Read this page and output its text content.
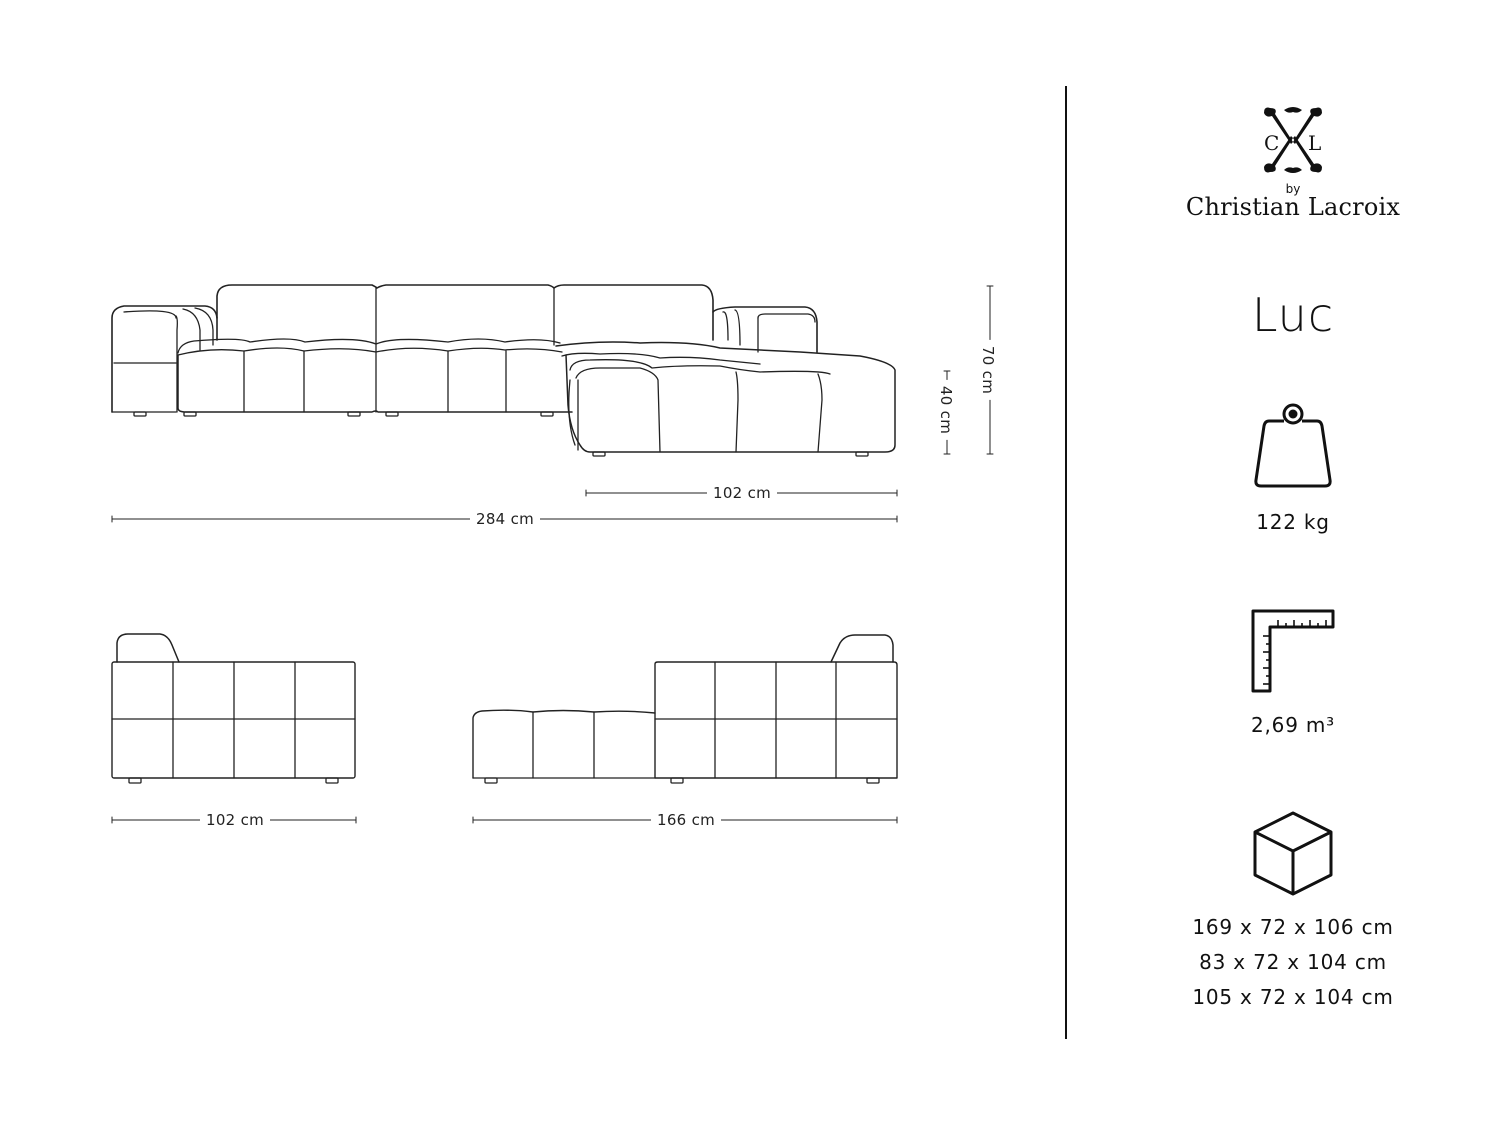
284 cm
102 cm
70 cm
40 cm
102 cm	166 cm
C L
by
Christian Lacroix
Luc
122 kg
2,69 m³
169 x 72 x 106 cm
83 x 72 x 104 cm
105 x 72 x 104 cm
